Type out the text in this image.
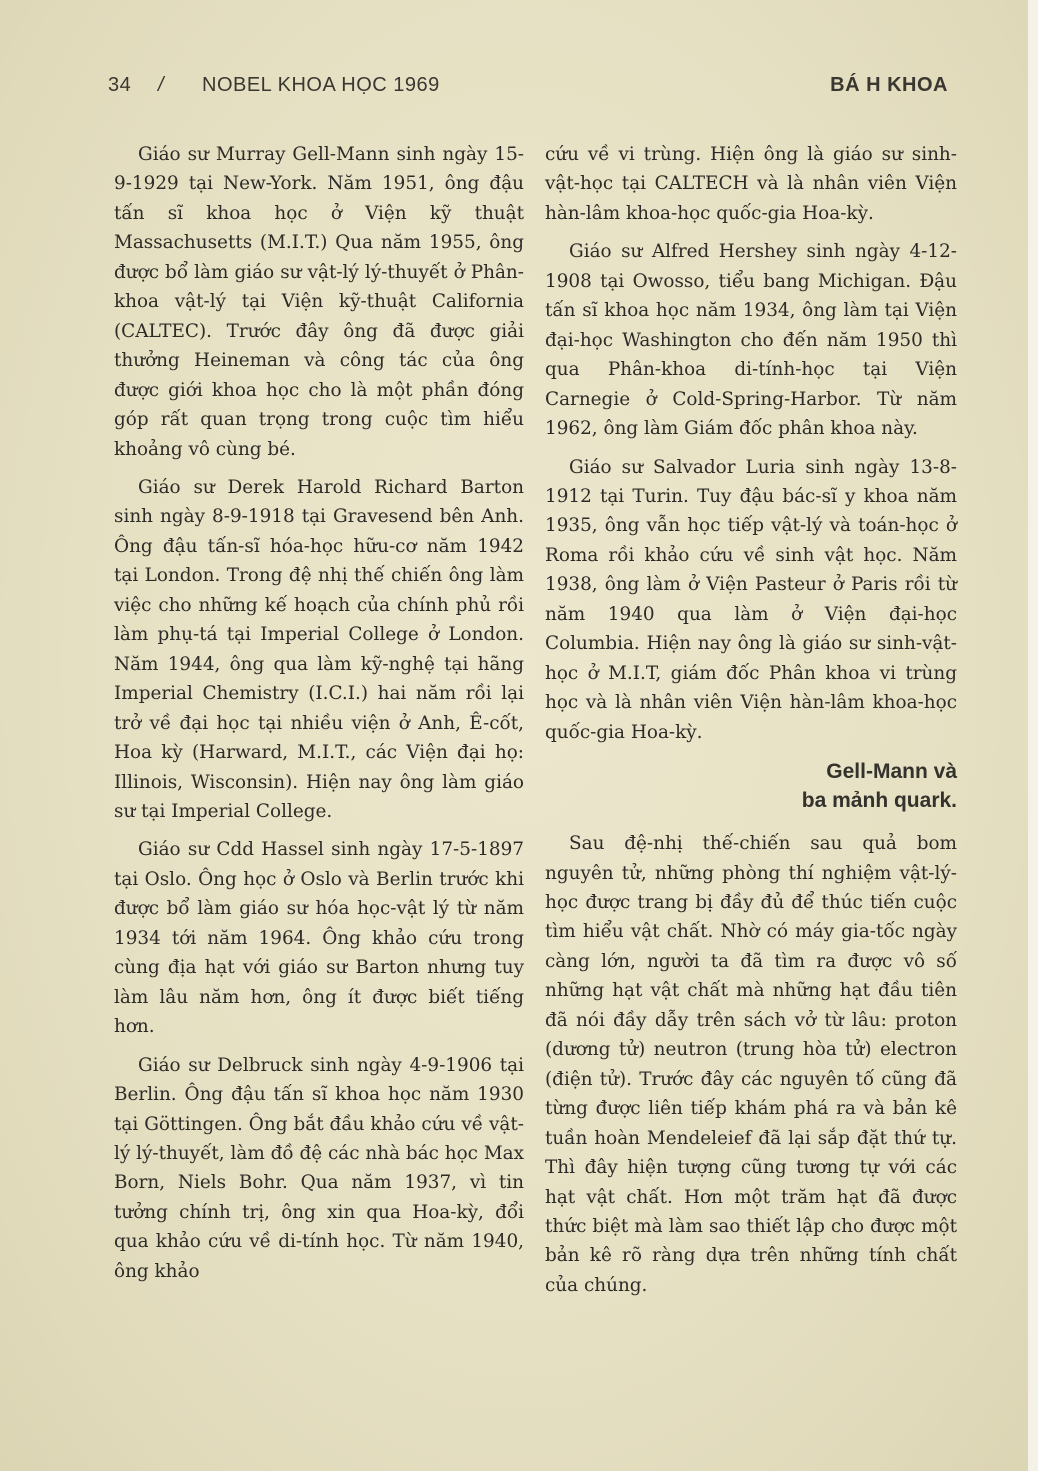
34 / NOBEL KHOA HỌC 1969	BÁ H KHOA

Giáo sư Murray Gell-Mann sinh ngày 15-9-1929 tại New-York. Năm 1951, ông đậu tấn sĩ khoa học ở Viện kỹ thuật Massachusetts (M.I.T.) Qua năm 1955, ông được bổ làm giáo sư vật-lý lý-thuyết ở Phân- khoa vật-lý tại Viện kỹ-thuật California (CALTEC). Trước đây ông đã được giải thưởng Heineman và công tác của ông được giới khoa học cho là một phần đóng góp rất quan trọng trong cuộc tìm hiểu khoảng vô cùng bé.

Giáo sư Derek Harold Richard Barton sinh ngày 8-9-1918 tại Gravesend bên Anh. Ông đậu tấn-sĩ hóa-học hữu-cơ năm 1942 tại London. Trong đệ nhị thế chiến ông làm việc cho những kế hoạch của chính phủ rồi làm phụ-tá tại Imperial College ở London. Năm 1944, ông qua làm kỹ-nghệ tại hãng Imperial Chemistry (I.C.I.) hai năm rồi lại trở về đại học tại nhiều viện ở Anh, Ê-cốt, Hoa kỳ (Harward, M.I.T., các Viện đại họ: Illinois, Wisconsin). Hiện nay ông làm giáo sư tại Imperial College.

Giáo sư Cdd Hassel sinh ngày 17-5-1897 tại Oslo. Ông học ở Oslo và Berlin trước khi được bổ làm giáo sư hóa học-vật lý từ năm 1934 tới năm 1964. Ông khảo cứu trong cùng địa hạt với giáo sư Barton nhưng tuy làm lâu năm hơn, ông ít được biết tiếng hơn.

Giáo sư Delbruck sinh ngày 4-9-1906 tại Berlin. Ông đậu tấn sĩ khoa học năm 1930 tại Göttingen. Ông bắt đầu khảo cứu về vật-lý lý-thuyết, làm đồ đệ các nhà bác học Max Born, Niels Bohr. Qua năm 1937, vì tin tưởng chính trị, ông xin qua Hoa-kỳ, đổi qua khảo cứu về di-tính học. Từ năm 1940, ông khảo

cứu về vi trùng. Hiện ông là giáo sư sinh-vật-học tại CALTECH và là nhân viên Viện hàn-lâm khoa-học quốc-gia Hoa-kỳ.

Giáo sư Alfred Hershey sinh ngày 4-12-1908 tại Owosso, tiểu bang Michigan. Đậu tấn sĩ khoa học năm 1934, ông làm tại Viện đại-học Washington cho đến năm 1950 thì qua Phân-khoa di-tính-học tại Viện Carnegie ở Cold-Spring-Harbor. Từ năm 1962, ông làm Giám đốc phân khoa này.

Giáo sư Salvador Luria sinh ngày 13-8-1912 tại Turin. Tuy đậu bác-sĩ y khoa năm 1935, ông vẫn học tiếp vật-lý và toán-học ở Roma rồi khảo cứu về sinh vật học. Năm 1938, ông làm ở Viện Pasteur ở Paris rồi từ năm 1940 qua làm ở Viện đại-học Columbia. Hiện nay ông là giáo sư sinh-vật-học ở M.I.T, giám đốc Phân khoa vi trùng học và là nhân viên Viện hàn-lâm khoa-học quốc-gia Hoa-kỳ.

Gell-Mann và
ba mảnh quark.

Sau đệ-nhị thế-chiến sau quả bom nguyên tử, những phòng thí nghiệm vật-lý-học được trang bị đầy đủ để thúc tiến cuộc tìm hiểu vật chất. Nhờ có máy gia-tốc ngày càng lớn, người ta đã tìm ra được vô số những hạt vật chất mà những hạt đầu tiên đã nói đầy dẫy trên sách vở từ lâu: proton (dương tử) neutron (trung hòa tử) electron (điện tử). Trước đây các nguyên tố cũng đã từng được liên tiếp khám phá ra và bản kê tuần hoàn Mendeleief đã lại sắp đặt thứ tự. Thì đây hiện tượng cũng tương tự với các hạt vật chất. Hơn một trăm hạt đã được thức biệt mà làm sao thiết lập cho được một bản kê rõ ràng dựa trên những tính chất của chúng.
